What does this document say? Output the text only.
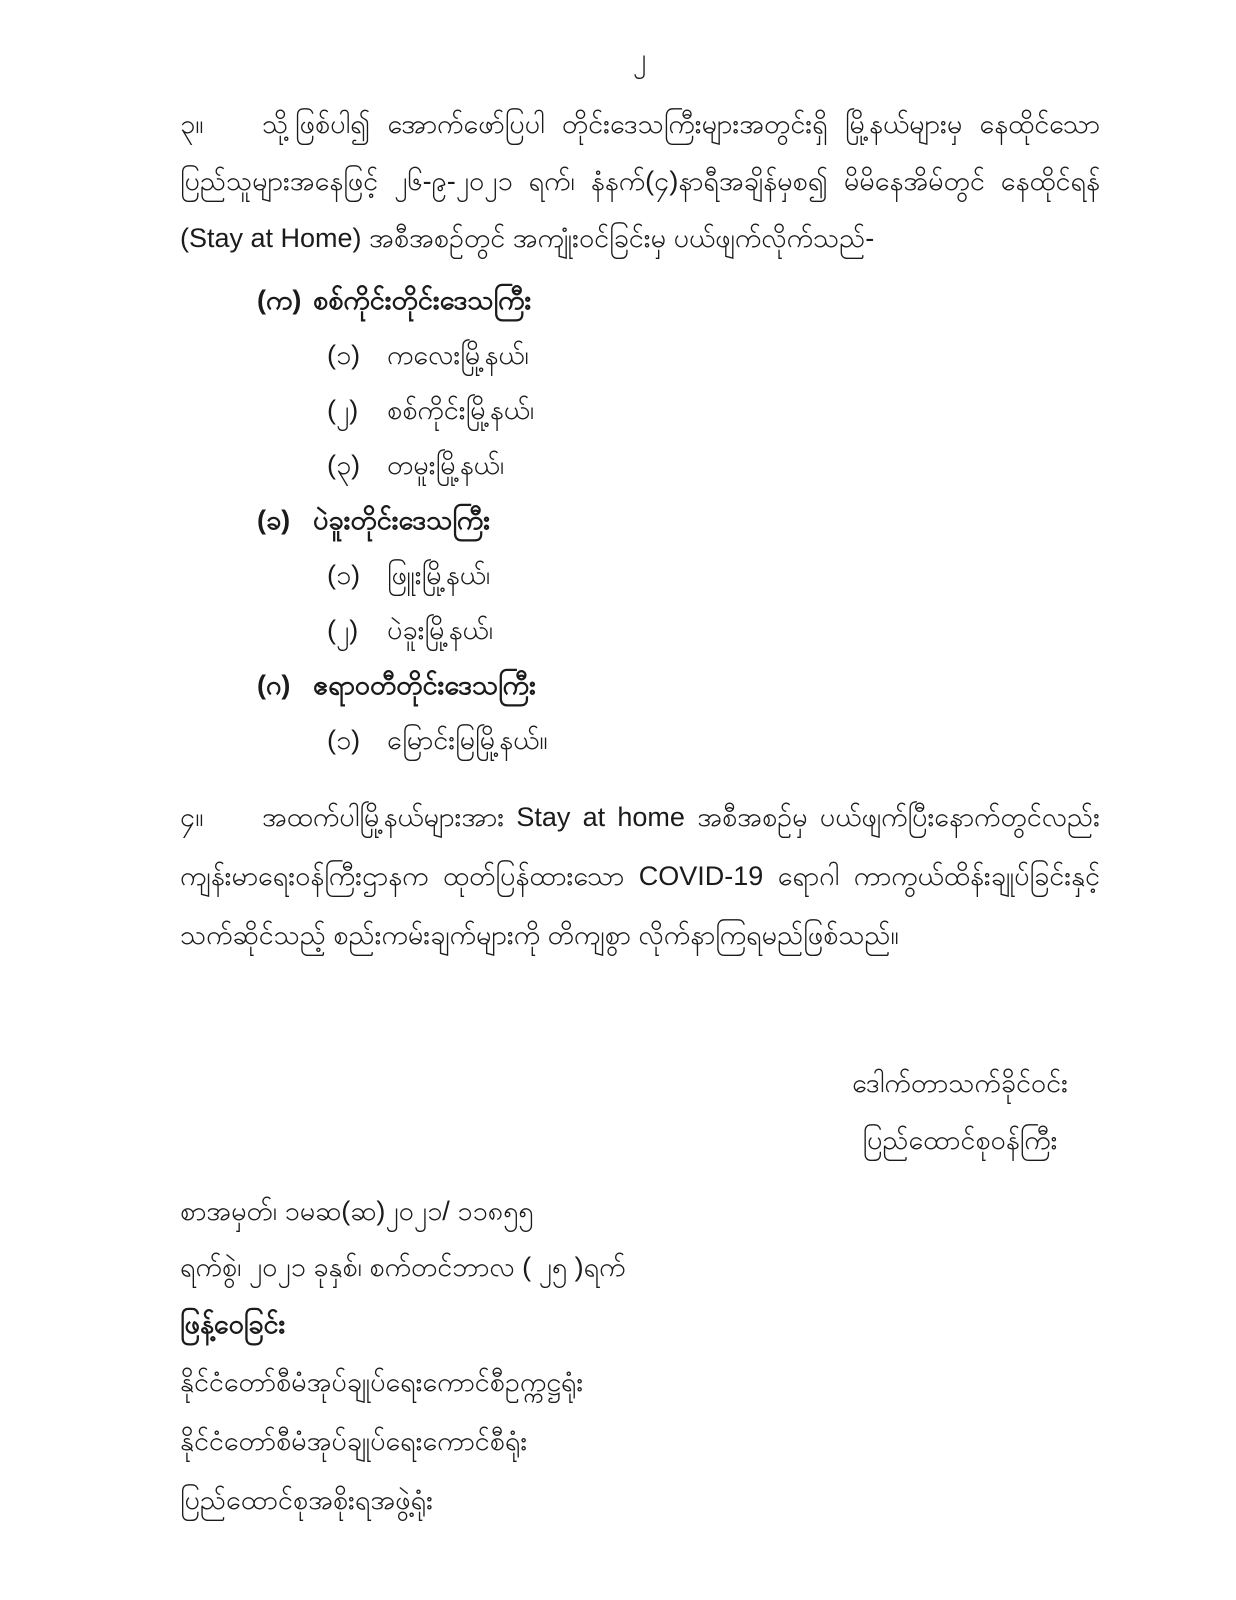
၂
၃။ သို့ဖြစ်ပါ၍ အောက်ဖော်ပြပါ တိုင်းဒေသကြီးများအတွင်းရှိ မြို့နယ်များမှ နေထိုင်သော ပြည်သူများအနေဖြင့် ၂၆-၉-၂၀၂၁ ရက်၊ နံနက်(၄)နာရီအချိန်မှစ၍ မိမိနေအိမ်တွင် နေထိုင်ရန် (Stay at Home) အစီအစဉ်တွင် အကျုံးဝင်ခြင်းမှ ပယ်ဖျက်လိုက်သည်-
(က) စစ်ကိုင်းတိုင်းဒေသကြီး
(၁) ကလေးမြို့နယ်၊
(၂) စစ်ကိုင်းမြို့နယ်၊
(၃) တမူးမြို့နယ်၊
(ခ) ပဲခူးတိုင်းဒေသကြီး
(၁) ဖြူးမြို့နယ်၊
(၂) ပဲခူးမြို့နယ်၊
(ဂ) ဧရာဝတီတိုင်းဒေသကြီး
(၁) မြောင်းမြမြို့နယ်။
၄။ အထက်ပါမြို့နယ်များအား Stay at home အစီအစဉ်မှ ပယ်ဖျက်ပြီးနောက်တွင်လည်း ကျန်းမာရေးဝန်ကြီးဌာနက ထုတ်ပြန်ထားသော COVID-19 ရောဂါ ကာကွယ်ထိန်းချုပ်ခြင်းနှင့် သက်ဆိုင်သည့် စည်းကမ်းချက်များကို တိကျစွာ လိုက်နာကြရမည်ဖြစ်သည်။
ဒေါက်တာသက်ခိုင်ဝင်း
ပြည်ထောင်စုဝန်ကြီး
စာအမှတ်၊ ၁မဆ(ဆ)၂၀၂၁/ ၁၁၈၅၅
ရက်စွဲ၊ ၂၀၂၁ ခုနှစ်၊ စက်တင်ဘာလ ( ၂၅ )ရက်
ဖြန့်ဝေခြင်း
နိုင်ငံတော်စီမံအုပ်ချုပ်ရေးကောင်စီဥက္ကဋ္ဌရုံး
နိုင်ငံတော်စီမံအုပ်ချုပ်ရေးကောင်စီရုံး
ပြည်ထောင်စုအစိုးရအဖွဲ့ရုံး
